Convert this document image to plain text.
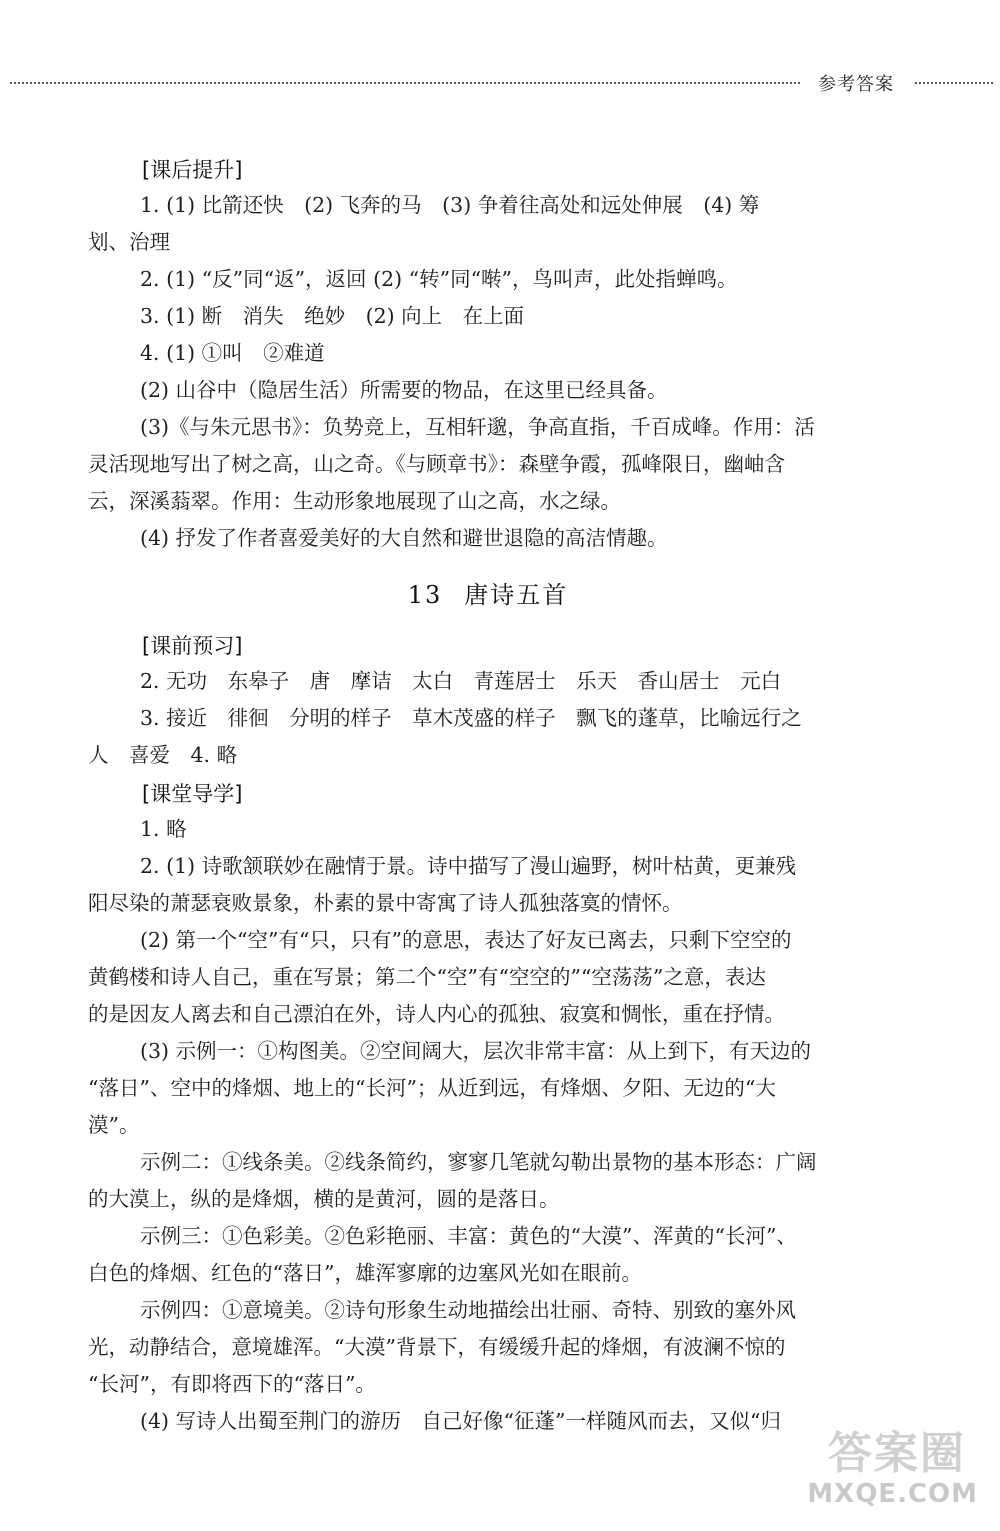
参考答案
[课后提升]
1. (1) 比箭还快　(2) 飞奔的马　(3) 争着往高处和远处伸展　(4) 筹
划、治理
2. (1) “反”同“返”，返回 (2) “转”同“啭”，鸟叫声，此处指蝉鸣。
3. (1) 断　消失　绝妙　(2) 向上　在上面
4. (1) ①叫　②难道
(2) 山谷中（隐居生活）所需要的物品，在这里已经具备。
(3)《与朱元思书》：负势竞上，互相轩邈，争高直指，千百成峰。作用：活
灵活现地写出了树之高，山之奇。《与顾章书》：森壁争霞，孤峰限日，幽岫含
云，深溪蓊翠。作用：生动形象地展现了山之高，水之绿。
(4) 抒发了作者喜爱美好的大自然和避世退隐的高洁情趣。
13 唐诗五首
[课前预习]
2. 无功　东皋子　唐　摩诘　太白　青莲居士　乐天　香山居士　元白
3. 接近　徘徊　分明的样子　草木茂盛的样子　飘飞的蓬草，比喻远行之
人　喜爱　4. 略
[课堂导学]
1. 略
2. (1) 诗歌颔联妙在融情于景。诗中描写了漫山遍野，树叶枯黄，更兼残
阳尽染的萧瑟衰败景象，朴素的景中寄寓了诗人孤独落寞的情怀。
(2) 第一个“空”有“只，只有”的意思，表达了好友已离去，只剩下空空的
黄鹤楼和诗人自己，重在写景；第二个“空”有“空空的”“空荡荡”之意，表达
的是因友人离去和自己漂泊在外，诗人内心的孤独、寂寞和惆怅，重在抒情。
(3) 示例一：①构图美。②空间阔大，层次非常丰富：从上到下，有天边的
“落日”、空中的烽烟、地上的“长河”；从近到远，有烽烟、夕阳、无边的“大
漠”。
示例二：①线条美。②线条简约，寥寥几笔就勾勒出景物的基本形态：广阔
的大漠上，纵的是烽烟，横的是黄河，圆的是落日。
示例三：①色彩美。②色彩艳丽、丰富：黄色的“大漠”、浑黄的“长河”、
白色的烽烟、红色的“落日”，雄浑寥廓的边塞风光如在眼前。
示例四：①意境美。②诗句形象生动地描绘出壮丽、奇特、别致的塞外风
光，动静结合，意境雄浑。“大漠”背景下，有缓缓升起的烽烟，有波澜不惊的
“长河”，有即将西下的“落日”。
(4) 写诗人出蜀至荆门的游历　自己好像“征蓬”一样随风而去，又似“归
答案圈
MXQE.COM
